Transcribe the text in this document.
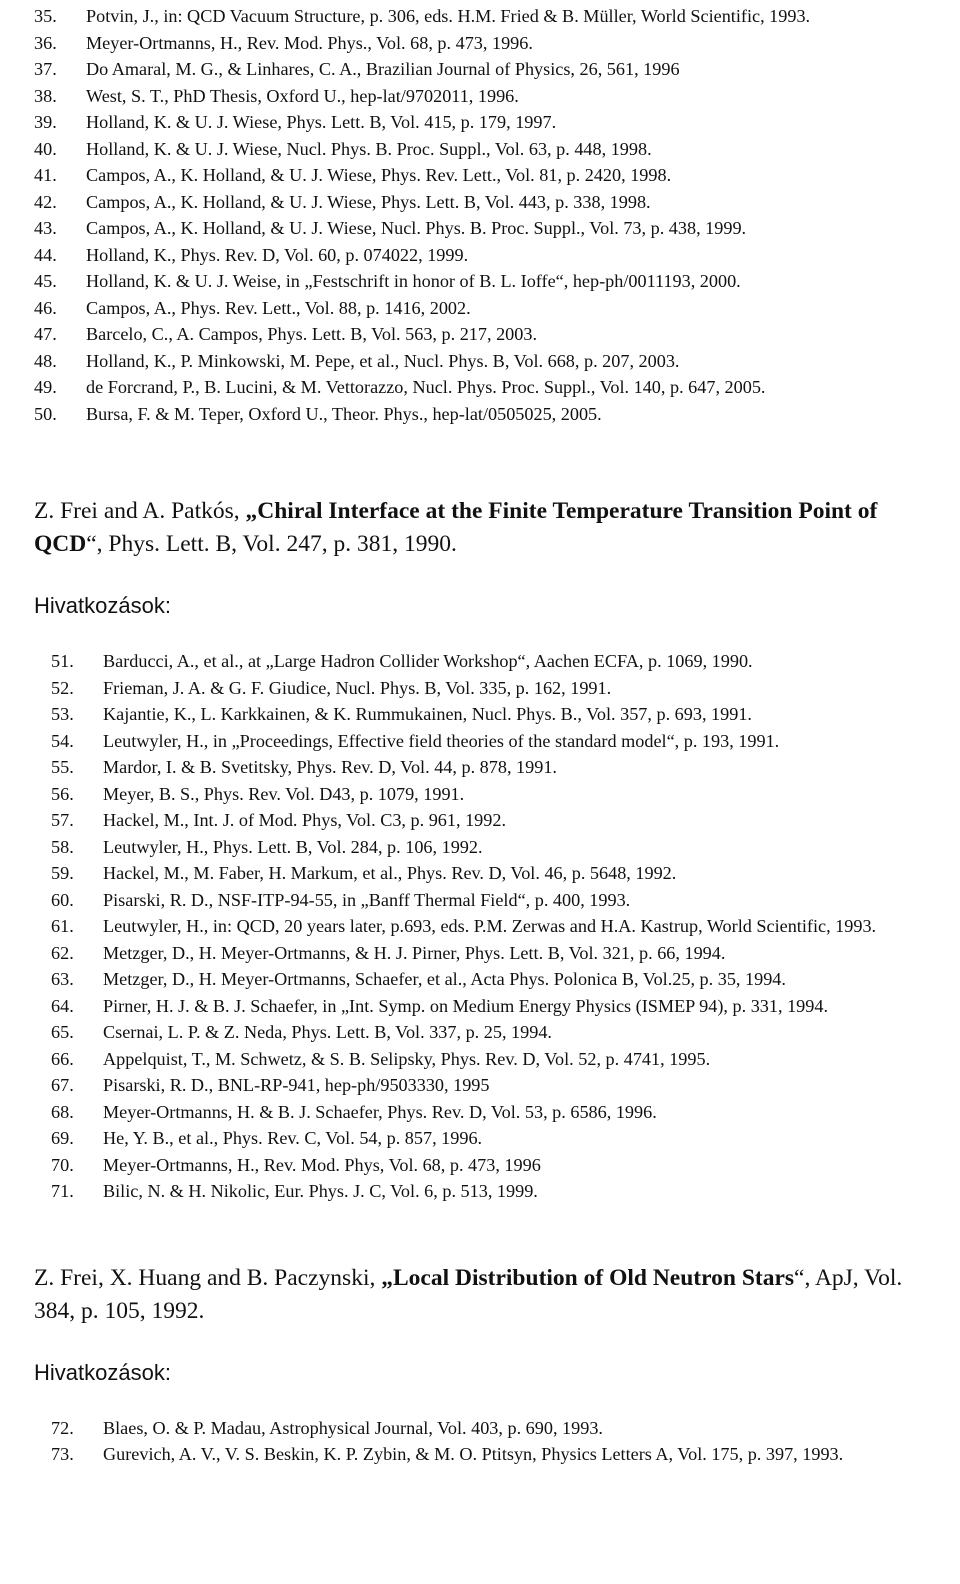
35.	Potvin, J., in: QCD Vacuum Structure, p. 306, eds. H.M. Fried & B. Müller, World Scientific, 1993.
36.	Meyer-Ortmanns, H., Rev. Mod. Phys., Vol. 68, p. 473, 1996.
37.	Do Amaral, M. G., & Linhares, C. A., Brazilian Journal of Physics, 26, 561, 1996
38.	West, S. T., PhD Thesis, Oxford U., hep-lat/9702011, 1996.
39.	Holland, K. & U. J. Wiese, Phys. Lett. B, Vol. 415, p. 179, 1997.
40.	Holland, K. & U. J. Wiese, Nucl. Phys. B. Proc. Suppl., Vol. 63, p. 448, 1998.
41.	Campos, A., K. Holland, & U. J. Wiese, Phys. Rev. Lett., Vol. 81, p. 2420, 1998.
42.	Campos, A., K. Holland, & U. J. Wiese, Phys. Lett. B, Vol. 443, p. 338, 1998.
43.	Campos, A., K. Holland, & U. J. Wiese, Nucl. Phys. B. Proc. Suppl., Vol. 73, p. 438, 1999.
44.	Holland, K., Phys. Rev. D, Vol. 60, p. 074022, 1999.
45.	Holland, K. & U. J. Weise, in „Festschrift in honor of B. L. Ioffe“, hep-ph/0011193, 2000.
46.	Campos, A., Phys. Rev. Lett., Vol. 88, p. 1416, 2002.
47.	Barcelo, C., A. Campos, Phys. Lett. B, Vol. 563, p. 217, 2003.
48.	Holland, K., P. Minkowski, M. Pepe, et al., Nucl. Phys. B, Vol. 668, p. 207, 2003.
49.	de Forcrand, P., B. Lucini, & M. Vettorazzo, Nucl. Phys. Proc. Suppl., Vol. 140, p. 647, 2005.
50.	Bursa, F. & M. Teper, Oxford U., Theor. Phys., hep-lat/0505025, 2005.

Z. Frei and A. Patkós, „Chiral Interface at the Finite Temperature Transition Point of QCD“, Phys. Lett. B, Vol. 247, p. 381, 1990.

Hivatkozások:

51.	Barducci, A., et al., at „Large Hadron Collider Workshop“, Aachen ECFA, p. 1069, 1990.
52.	Frieman, J. A. & G. F. Giudice, Nucl. Phys. B, Vol. 335, p. 162, 1991.
53.	Kajantie, K., L. Karkkainen, & K. Rummukainen, Nucl. Phys. B., Vol. 357, p. 693, 1991.
54.	Leutwyler, H., in „Proceedings, Effective field theories of the standard model“, p. 193, 1991.
55.	Mardor, I. & B. Svetitsky, Phys. Rev. D, Vol. 44, p. 878, 1991.
56.	Meyer, B. S., Phys. Rev. Vol. D43, p. 1079, 1991.
57.	Hackel, M., Int. J. of Mod. Phys, Vol. C3, p. 961, 1992.
58.	Leutwyler, H., Phys. Lett. B, Vol. 284, p. 106, 1992.
59.	Hackel, M., M. Faber, H. Markum, et al., Phys. Rev. D, Vol. 46, p. 5648, 1992.
60.	Pisarski, R. D., NSF-ITP-94-55, in „Banff Thermal Field“, p. 400, 1993.
61.	Leutwyler, H., in: QCD, 20 years later, p.693, eds. P.M. Zerwas and H.A. Kastrup, World Scientific, 1993.
62.	Metzger, D., H. Meyer-Ortmanns, & H. J. Pirner, Phys. Lett. B, Vol. 321, p. 66, 1994.
63.	Metzger, D., H. Meyer-Ortmanns, Schaefer, et al., Acta Phys. Polonica B, Vol.25, p. 35, 1994.
64.	Pirner, H. J. & B. J. Schaefer, in „Int. Symp. on Medium Energy Physics (ISMEP 94), p. 331, 1994.
65.	Csernai, L. P. & Z. Neda, Phys. Lett. B, Vol. 337, p. 25, 1994.
66.	Appelquist, T., M. Schwetz, & S. B. Selipsky, Phys. Rev. D, Vol. 52, p. 4741, 1995.
67.	Pisarski, R. D., BNL-RP-941, hep-ph/9503330, 1995
68.	Meyer-Ortmanns, H. & B. J. Schaefer, Phys. Rev. D, Vol. 53, p. 6586, 1996.
69.	He, Y. B., et al., Phys. Rev. C, Vol. 54, p. 857, 1996.
70.	Meyer-Ortmanns, H., Rev. Mod. Phys, Vol. 68, p. 473, 1996
71.	Bilic, N. & H. Nikolic, Eur. Phys. J. C, Vol. 6, p. 513, 1999.

Z. Frei, X. Huang and B. Paczynski, „Local Distribution of Old Neutron Stars“, ApJ, Vol. 384, p. 105, 1992.

Hivatkozások:

72.	Blaes, O. & P. Madau, Astrophysical Journal, Vol. 403, p. 690, 1993.
73.	Gurevich, A. V., V. S. Beskin, K. P. Zybin, & M. O. Ptitsyn, Physics Letters A, Vol. 175, p. 397, 1993.
